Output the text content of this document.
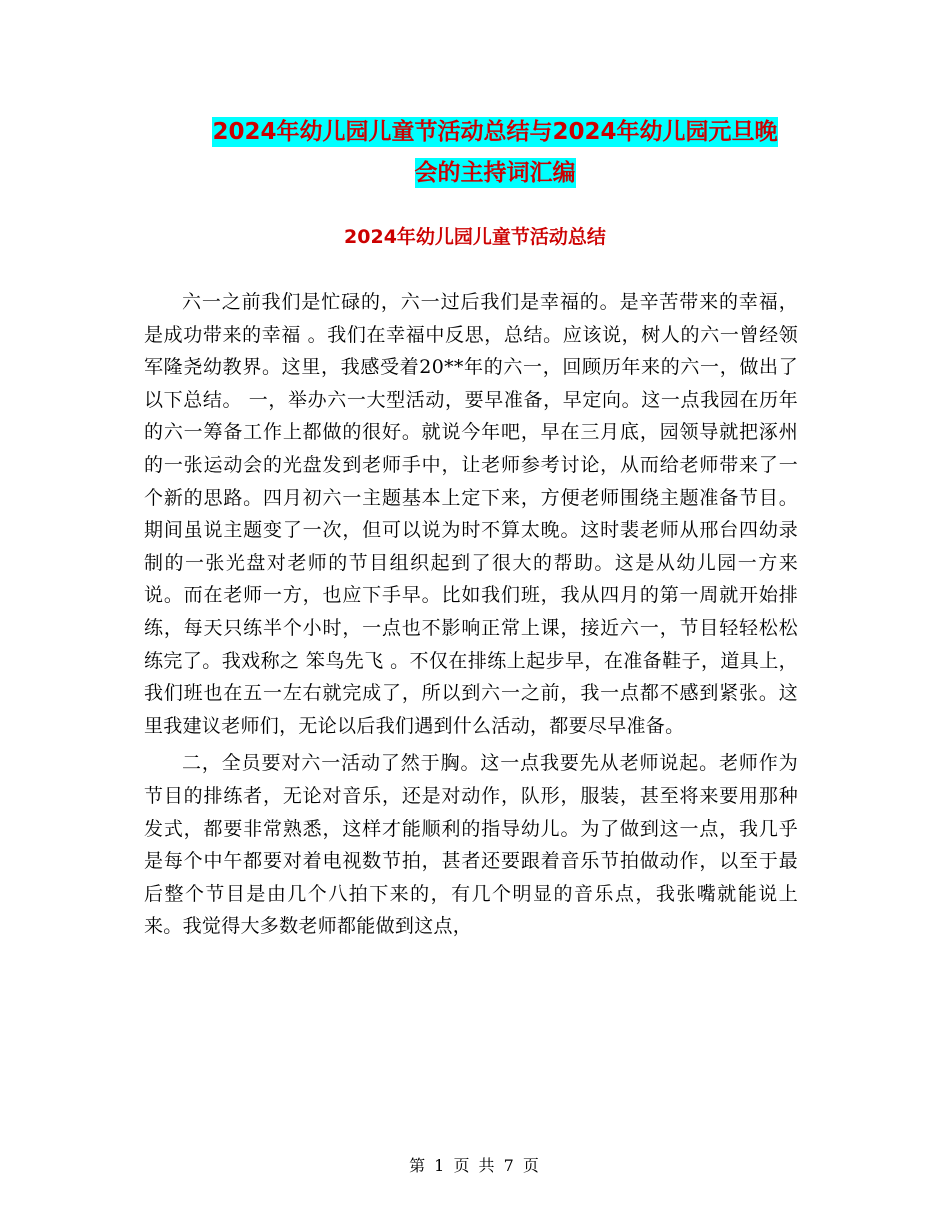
2024年幼儿园儿童节活动总结与2024年幼儿园元旦晚
会的主持词汇编
2024年幼儿园儿童节活动总结

六一之前我们是忙碌的，六一过后我们是幸福的。是辛苦带来的幸福，是成功带来的幸福 。我们在幸福中反思，总结。应该说，树人的六一曾经领军隆尧幼教界。这里，我感受着20**年的六一，回顾历年来的六一，做出了以下总结。 一，举办六一大型活动，要早准备，早定向。这一点我园在历年的六一筹备工作上都做的很好。就说今年吧，早在三月底，园领导就把涿州的一张运动会的光盘发到老师手中，让老师参考讨论，从而给老师带来了一个新的思路。四月初六一主题基本上定下来，方便老师围绕主题准备节目。期间虽说主题变了一次，但可以说为时不算太晚。这时裴老师从邢台四幼录制的一张光盘对老师的节目组织起到了很大的帮助。这是从幼儿园一方来说。而在老师一方，也应下手早。比如我们班，我从四月的第一周就开始排练，每天只练半个小时，一点也不影响正常上课，接近六一，节目轻轻松松练完了。我戏称之 笨鸟先飞 。不仅在排练上起步早，在准备鞋子，道具上，我们班也在五一左右就完成了，所以到六一之前，我一点都不感到紧张。这里我建议老师们，无论以后我们遇到什么活动，都要尽早准备。

二，全员要对六一活动了然于胸。这一点我要先从老师说起。老师作为节目的排练者，无论对音乐，还是对动作，队形，服装，甚至将来要用那种发式，都要非常熟悉，这样才能顺利的指导幼儿。为了做到这一点，我几乎是每个中午都要对着电视数节拍，甚者还要跟着音乐节拍做动作，以至于最后整个节目是由几个八拍下来的，有几个明显的音乐点，我张嘴就能说上来。我觉得大多数老师都能做到这点，

第 1 页 共 7 页
